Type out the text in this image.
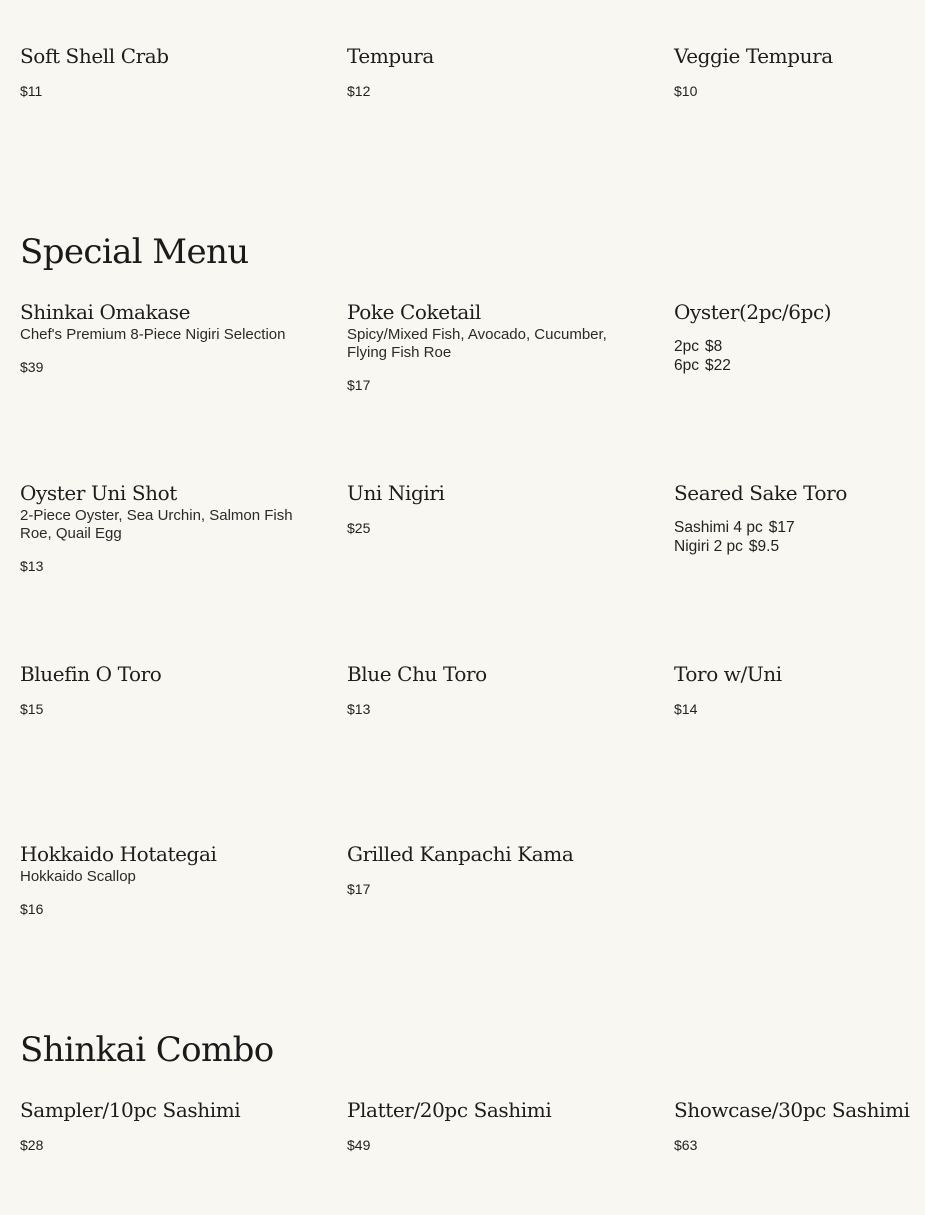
Soft Shell Crab
$11
Tempura
$12
Veggie Tempura
$10
Special Menu
Shinkai Omakase
Chef's Premium 8-Piece Nigiri Selection
$39
Poke Coketail
Spicy/Mixed Fish, Avocado, Cucumber, Flying Fish Roe
$17
Oyster(2pc/6pc)
2pc $8
6pc $22
Oyster Uni Shot
2-Piece Oyster, Sea Urchin, Salmon Fish Roe, Quail Egg
$13
Uni Nigiri
$25
Seared Sake Toro
Sashimi 4 pc $17
Nigiri 2 pc $9.5
Bluefin O Toro
$15
Blue Chu Toro
$13
Toro w/Uni
$14
Hokkaido Hotategai
Hokkaido Scallop
$16
Grilled Kanpachi Kama
$17
Shinkai Combo
Sampler/10pc Sashimi
$28
Platter/20pc Sashimi
$49
Showcase/30pc Sashimi
$63
